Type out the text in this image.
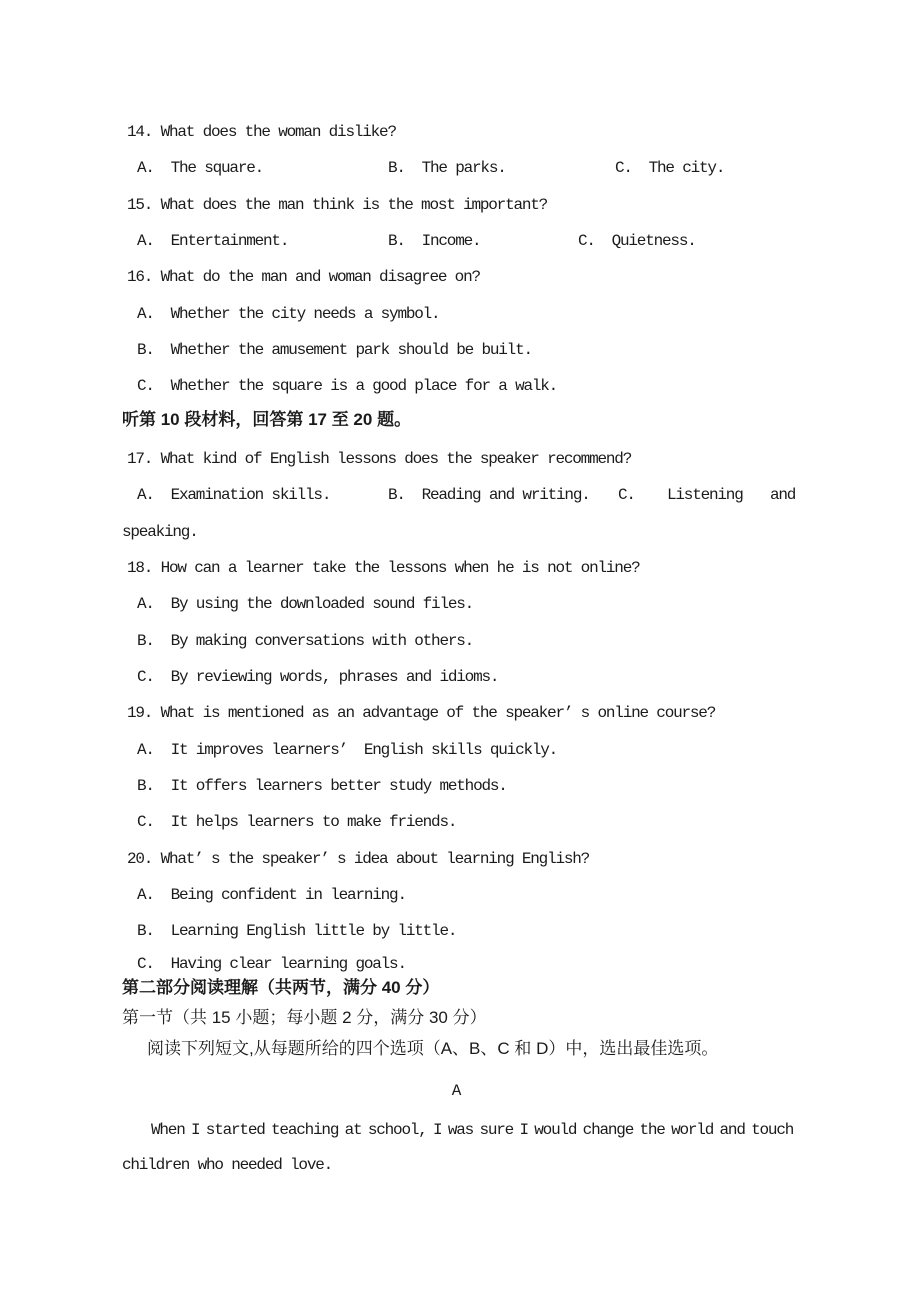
14. What does the woman dislike?

A.  The square.

	B.  The parks.

	C.  The city.

15. What does the man think is the most important?

A.  Entertainment.

	B.  Income.

	C.  Quietness.

16. What do the man and woman disagree on?
A.  Whether the city needs a symbol.
B.  Whether the amusement park should be built.
C.  Whether the square is a good place for a walk.
听第 10 段材料，回答第 17 至 20 题。
17. What kind of English lessons does the speaker recommend?

A.  Examination skills.

	B.  Reading and writing.

C.

Listening

and

speaking.
18. How can a learner take the lessons when he is not online?
A.  By using the downloaded sound files.
B.  By making conversations with others.
C.  By reviewing words, phrases and idioms.
19. What is mentioned as an advantage of the speaker’ s online course?
A.  It improves learners’  English skills quickly.
B.  It offers learners better study methods.
C.  It helps learners to make friends.
20. What’ s the speaker’ s idea about learning English?
A.  Being confident in learning.
B.  Learning English little by little.
C.  Having clear learning goals.
第二部分阅读理解（共两节，满分 40 分）
第一节（共 15 小题；每小题 2 分，满分 30 分）
阅读下列短文,从每题所给的四个选项（A、B、C 和 D）中，选出最佳选项。
A
When I started teaching at school, I was sure I would change the world and touch
children who needed love.
